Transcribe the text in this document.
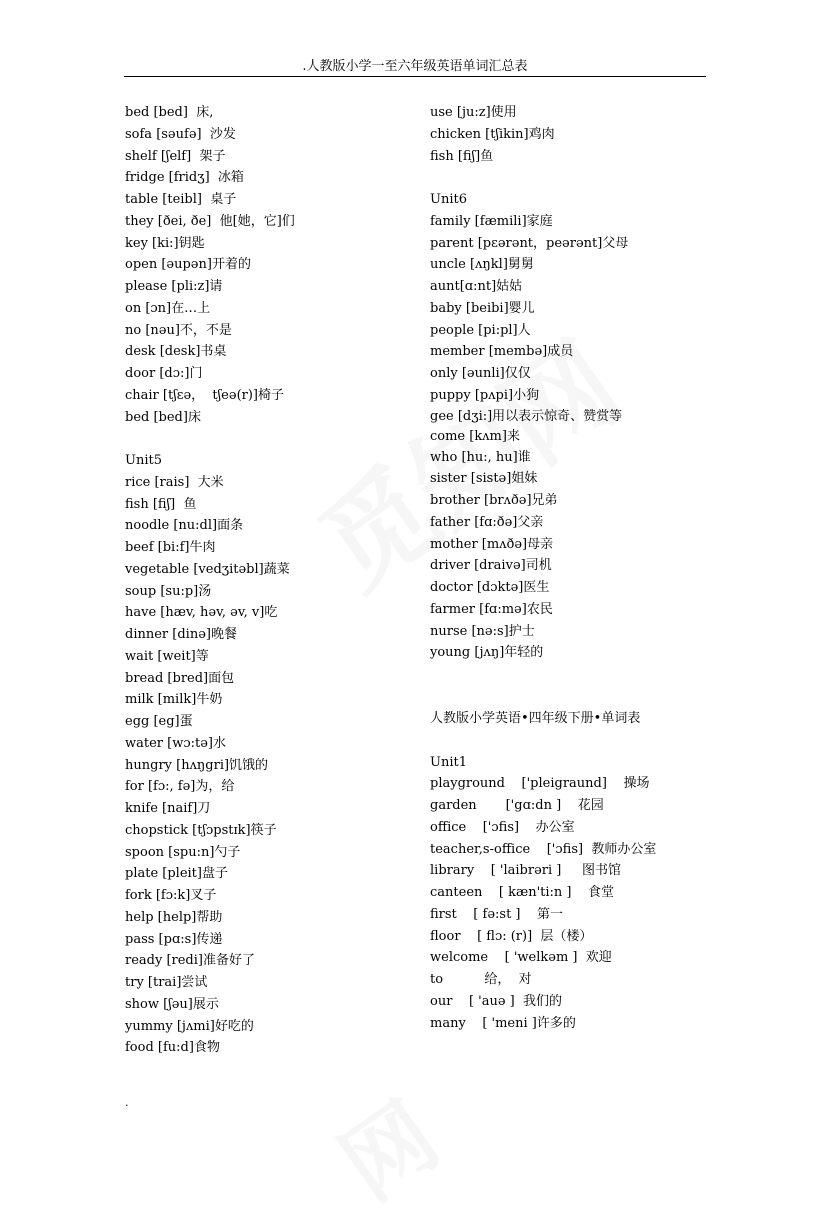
.人教版小学一至六年级英语单词汇总表
bed [bed]  床,
sofa [səufə]  沙发
shelf [ʃelf]  架子
fridge [fridʒ]  冰箱
table [teibl]  桌子
they [ðei, ðe]  他[她，它]们
key [ki:]钥匙
open [əupən]开着的
please [pli:z]请
on [ɔn]在…上
no [nəu]不，不是
desk [desk]书桌
door [dɔ:]门
chair [tʃɛə，  tʃeə(r)]椅子
bed [bed]床
Unit5
rice [rais]  大米
fish [fiʃ]  鱼
noodle [nu:dl]面条
beef [bi:f]牛肉
vegetable [vedʒitəbl]蔬菜
soup [su:p]汤
have [hæv, həv, əv, v]吃
dinner [dinə]晚餐
wait [weit]等
bread [bred]面包
milk [milk]牛奶
egg [eg]蛋
water [wɔ:tə]水
hungry [hʌŋgri]饥饿的
for [fɔ:, fə]为，给
knife [naif]刀
chopstick [tʃɔpstɪk]筷子
spoon [spu:n]勺子
plate [pleit]盘子
fork [fɔ:k]叉子
help [help]帮助
pass [pɑ:s]传递
ready [redi]准备好了
try [trai]尝试
show [ʃəu]展示
yummy [jʌmi]好吃的
food [fu:d]食物
use [ju:z]使用
chicken [tʃikin]鸡肉
fish [fiʃ]鱼
Unit6
family [fæmili]家庭
parent [pɛərənt，peərənt]父母
uncle [ʌŋkl]舅舅
aunt[ɑ:nt]姑姑
baby [beibi]婴儿
people [pi:pl]人
member [membə]成员
only [əunli]仅仅
puppy [pʌpi]小狗
gee [dʒi:]用以表示惊奇、赞赏等
come [kʌm]来
who [hu:, hu]谁
sister [sistə]姐妹
brother [brʌðə]兄弟
father [fɑ:ðə]父亲
mother [mʌðə]母亲
driver [draivə]司机
doctor [dɔktə]医生
farmer [fɑ:mə]农民
nurse [nə:s]护士
young [jʌŋ]年轻的
人教版小学英语•四年级下册•单词表
Unit1
playground    ['pleigraund]    操场
garden       ['gɑ:dn ]    花园
office    ['ɔfis]    办公室
teacher,s-office    ['ɔfis]  教师办公室
library    [ 'laibrəri ]     图书馆
canteen    [ kæn'ti:n ]    食堂
first    [ fə:st ]    第一
floor    [ flɔ: (r)]  层（楼）
welcome    [ 'welkəm ]  欢迎
to          给，  对
our    [ 'auə ]  我们的
many    [ 'meni ]许多的
.
